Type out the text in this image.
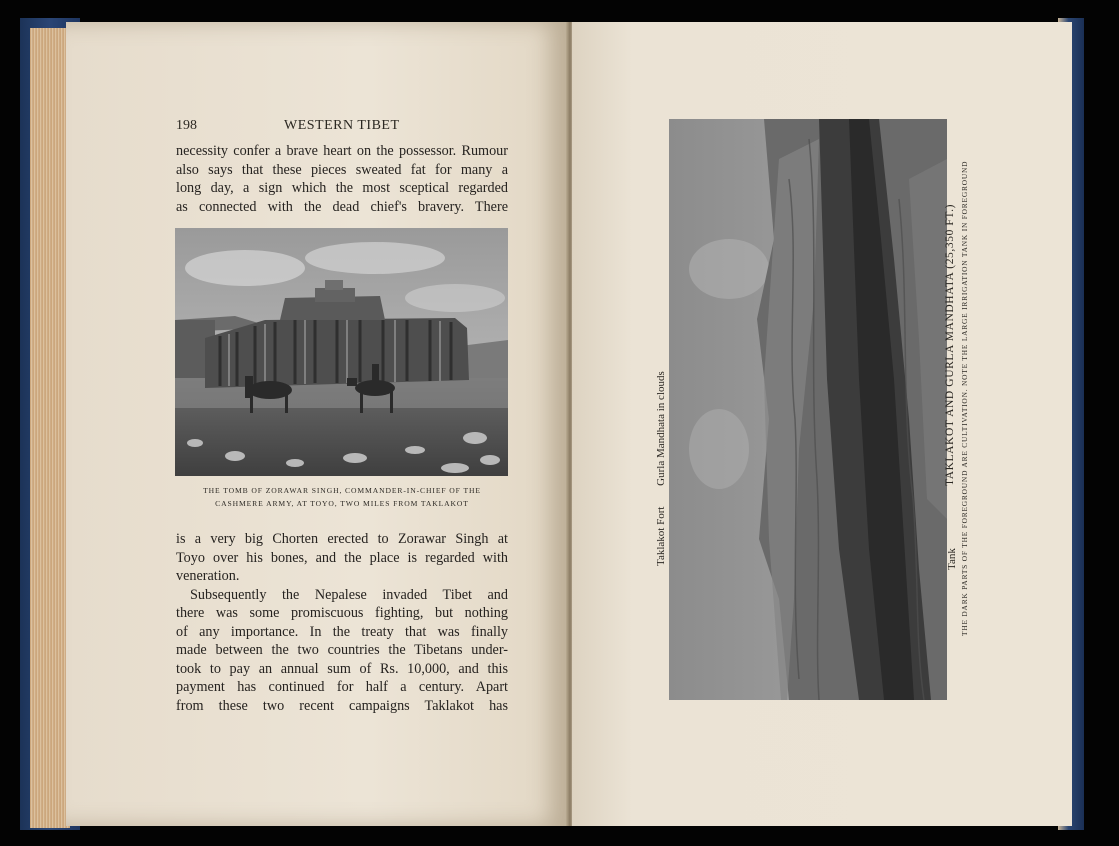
198	WESTERN TIBET
necessity confer a brave heart on the possessor. Rumour
also says that these pieces sweated fat for many a
long day, a sign which the most sceptical regarded
as connected with the dead chief's bravery. There
THE TOMB OF ZORAWAR SINGH, COMMANDER-IN-CHIEF OF THE
CASHMERE ARMY, AT TOYO, TWO MILES FROM TAKLAKOT
is a very big Chorten erected to Zorawar Singh at
Toyo over his bones, and the place is regarded with
veneration.
Subsequently the Nepalese invaded Tibet and
there was some promiscuous fighting, but nothing
of any importance. In the treaty that was finally
made between the two countries the Tibetans under-
took to pay an annual sum of Rs. 10,000, and this
payment has continued for half a century. Apart
from these two recent campaigns Taklakot has
Taklakot Fort Gurla Mandhata in clouds
Tank
TAKLAKOT AND GURLA MANDHATA (25,350 FT.) THE DARK PARTS OF THE FOREGROUND ARE CULTIVATION. NOTE THE LARGE IRRIGATION TANK IN FOREGROUND
